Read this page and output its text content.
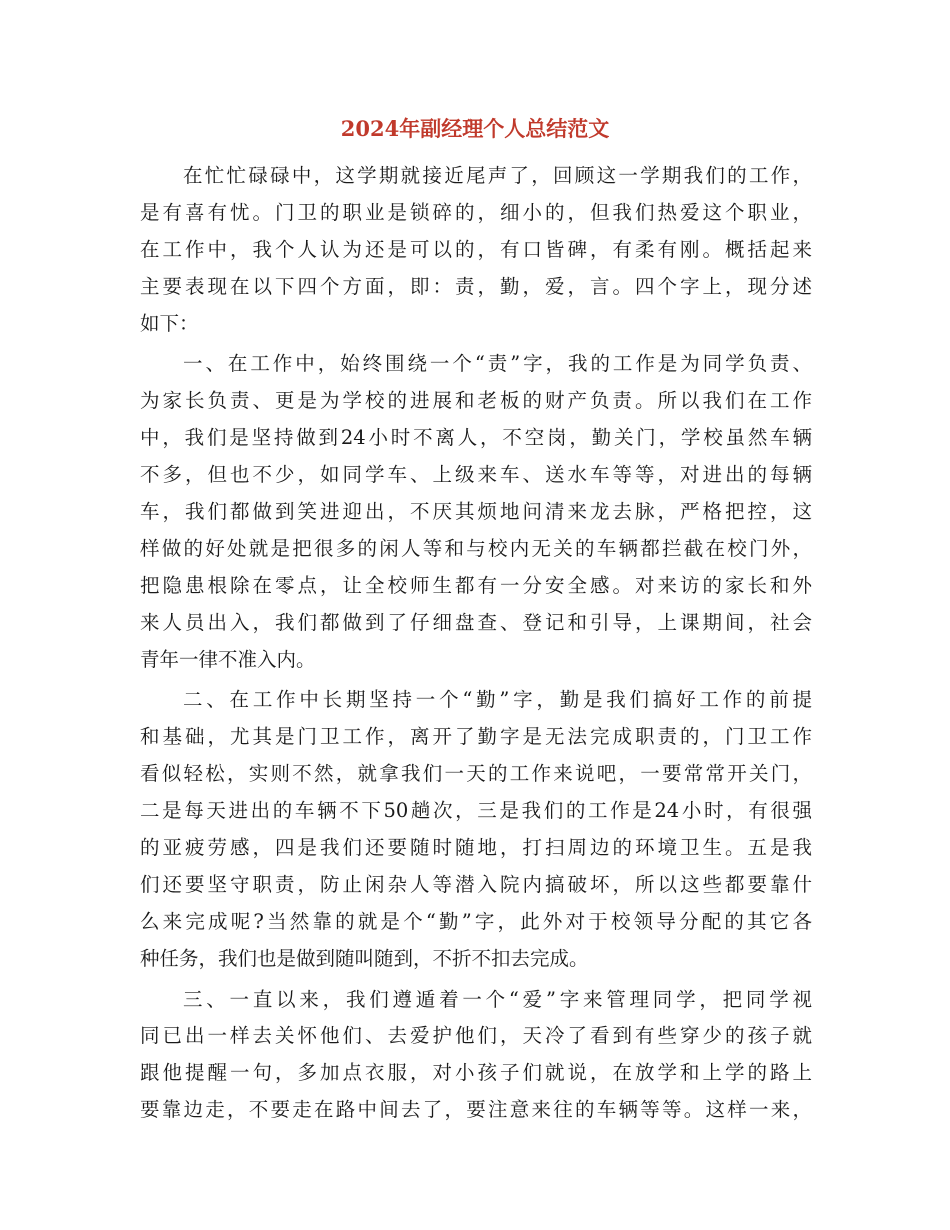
2024年副经理个人总结范文
在忙忙碌碌中，这学期就接近尾声了，回顾这一学期我们的工作，
是有喜有忧。门卫的职业是锁碎的，细小的，但我们热爱这个职业，
在工作中，我个人认为还是可以的，有口皆碑，有柔有刚。概括起来
主要表现在以下四个方面，即：责，勤，爱，言。四个字上，现分述
如下：
一、在工作中，始终围绕一个“责”字，我的工作是为同学负责、
为家长负责、更是为学校的进展和老板的财产负责。所以我们在工作
中，我们是坚持做到24小时不离人，不空岗，勤关门，学校虽然车辆
不多，但也不少，如同学车、上级来车、送水车等等，对进出的每辆
车，我们都做到笑进迎出，不厌其烦地问清来龙去脉，严格把控，这
样做的好处就是把很多的闲人等和与校内无关的车辆都拦截在校门外，
把隐患根除在零点，让全校师生都有一分安全感。对来访的家长和外
来人员出入，我们都做到了仔细盘查、登记和引导，上课期间，社会
青年一律不准入内。
二、在工作中长期坚持一个“勤”字，勤是我们搞好工作的前提
和基础，尤其是门卫工作，离开了勤字是无法完成职责的，门卫工作
看似轻松，实则不然，就拿我们一天的工作来说吧，一要常常开关门，
二是每天进出的车辆不下50趟次，三是我们的工作是24小时，有很强
的亚疲劳感，四是我们还要随时随地，打扫周边的环境卫生。五是我
们还要坚守职责，防止闲杂人等潜入院内搞破坏，所以这些都要靠什
么来完成呢?当然靠的就是个“勤”字，此外对于校领导分配的其它各
种任务，我们也是做到随叫随到，不折不扣去完成。
三、一直以来，我们遵遁着一个“爱”字来管理同学，把同学视
同已出一样去关怀他们、去爱护他们，天冷了看到有些穿少的孩子就
跟他提醒一句，多加点衣服，对小孩子们就说，在放学和上学的路上
要靠边走，不要走在路中间去了，要注意来往的车辆等等。这样一来，
